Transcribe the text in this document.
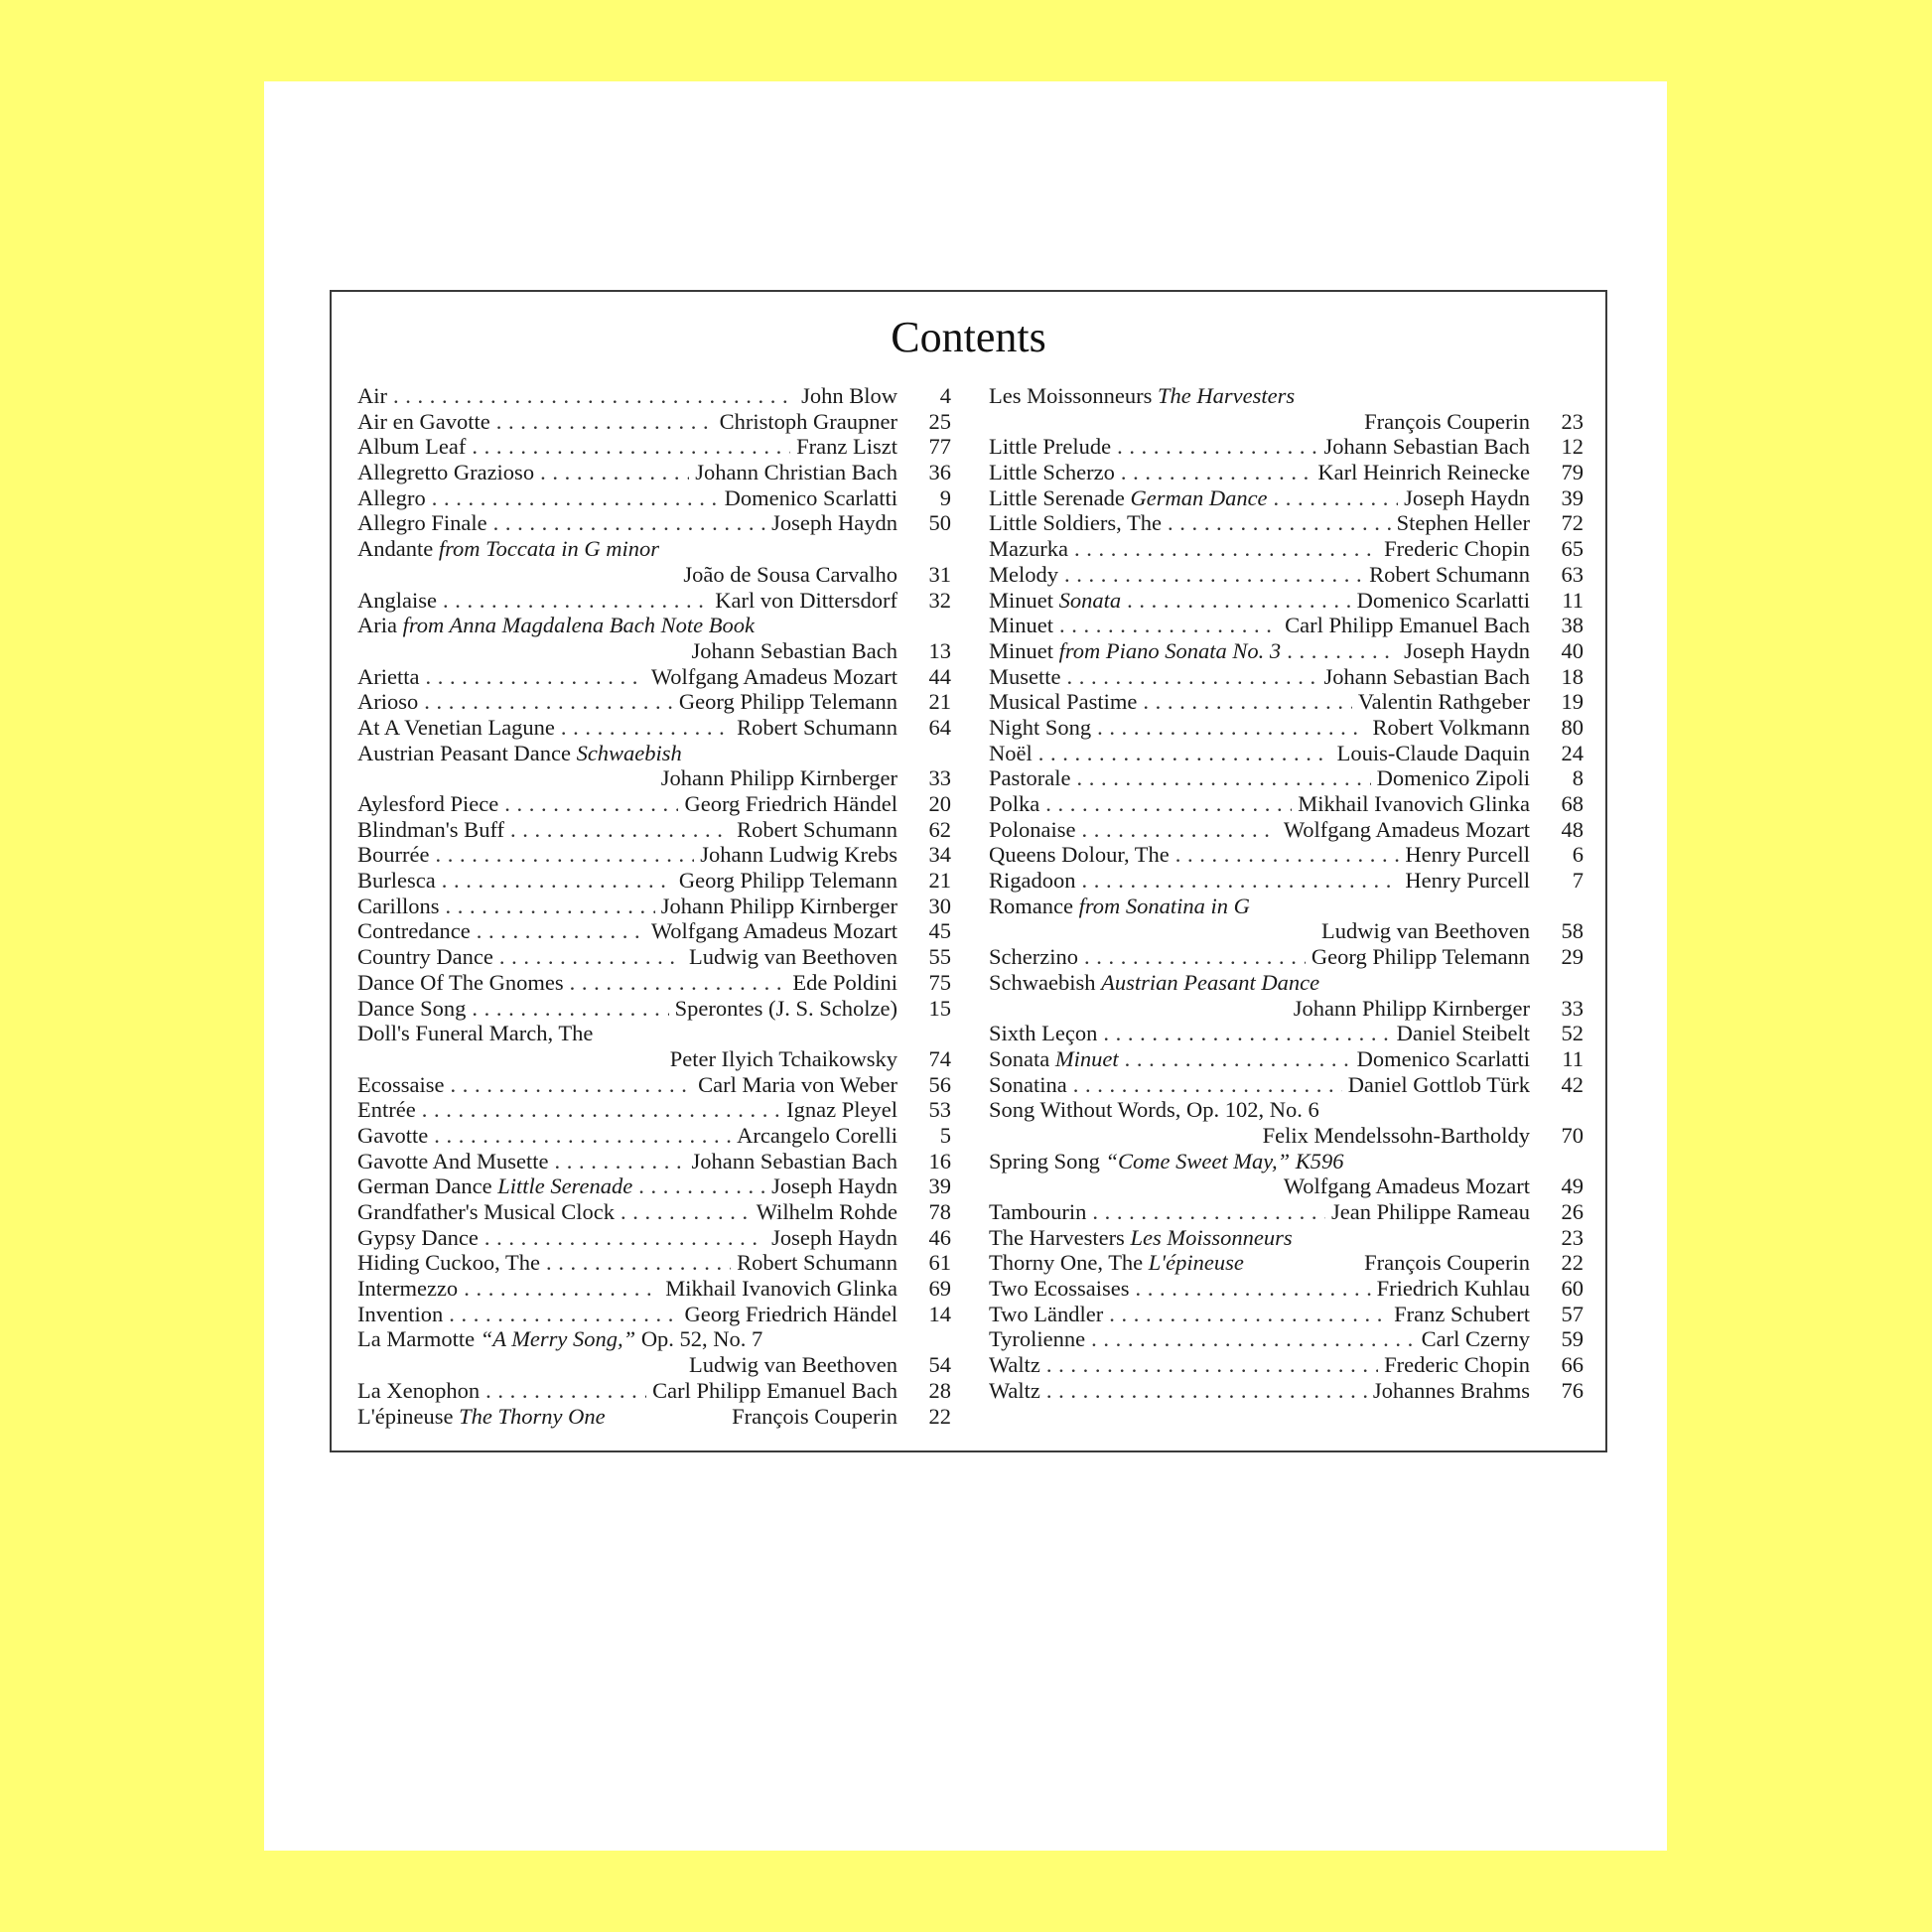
Contents
Air . . .	John Blow	4
Air en Gavotte . . .	Christoph Graupner	25
Album Leaf . . .	Franz Liszt	77
Allegretto Grazioso . . .	Johann Christian Bach	36
Allegro . . .	Domenico Scarlatti	9
Allegro Finale . . .	Joseph Haydn	50
Andante from Toccata in G minor
João de Sousa Carvalho	31
Anglaise . . .	Karl von Dittersdorf	32
Aria from Anna Magdalena Bach Note Book
Johann Sebastian Bach	13
Arietta . . .	Wolfgang Amadeus Mozart	44
Arioso . . .	Georg Philipp Telemann	21
At A Venetian Lagune . . .	Robert Schumann	64
Austrian Peasant Dance Schwaebish
Johann Philipp Kirnberger	33
Aylesford Piece . . .	Georg Friedrich Händel	20
Blindman's Buff . . .	Robert Schumann	62
Bourrée . . .	Johann Ludwig Krebs	34
Burlesca . . .	Georg Philipp Telemann	21
Carillons . . .	Johann Philipp Kirnberger	30
Contredance . . .	Wolfgang Amadeus Mozart	45
Country Dance . . .	Ludwig van Beethoven	55
Dance Of The Gnomes . . .	Ede Poldini	75
Dance Song . . .	Sperontes (J. S. Scholze)	15
Doll's Funeral March, The
Peter Ilyich Tchaikowsky	74
Ecossaise . . .	Carl Maria von Weber	56
Entrée . . .	Ignaz Pleyel	53
Gavotte . . .	Arcangelo Corelli	5
Gavotte And Musette . . .	Johann Sebastian Bach	16
German Dance Little Serenade . . .	Joseph Haydn	39
Grandfather's Musical Clock . . .	Wilhelm Rohde	78
Gypsy Dance . . .	Joseph Haydn	46
Hiding Cuckoo, The . . .	Robert Schumann	61
Intermezzo . . .	Mikhail Ivanovich Glinka	69
Invention . . .	Georg Friedrich Händel	14
La Marmotte “A Merry Song,” Op. 52, No. 7
Ludwig van Beethoven	54
La Xenophon . . .	Carl Philipp Emanuel Bach	28
L'épineuse The Thorny One	François Couperin	22
Les Moissonneurs The Harvesters
François Couperin	23
Little Prelude . . .	Johann Sebastian Bach	12
Little Scherzo . . .	Karl Heinrich Reinecke	79
Little Serenade German Dance . . .	Joseph Haydn	39
Little Soldiers, The . . .	Stephen Heller	72
Mazurka . . .	Frederic Chopin	65
Melody . . .	Robert Schumann	63
Minuet Sonata . . .	Domenico Scarlatti	11
Minuet . . .	Carl Philipp Emanuel Bach	38
Minuet from Piano Sonata No. 3 . . .	Joseph Haydn	40
Musette . . .	Johann Sebastian Bach	18
Musical Pastime . . .	Valentin Rathgeber	19
Night Song . . .	Robert Volkmann	80
Noël . . .	Louis-Claude Daquin	24
Pastorale . . .	Domenico Zipoli	8
Polka . . .	Mikhail Ivanovich Glinka	68
Polonaise . . .	Wolfgang Amadeus Mozart	48
Queens Dolour, The . . .	Henry Purcell	6
Rigadoon . . .	Henry Purcell	7
Romance from Sonatina in G
Ludwig van Beethoven	58
Scherzino . . .	Georg Philipp Telemann	29
Schwaebish Austrian Peasant Dance
Johann Philipp Kirnberger	33
Sixth Leçon . . .	Daniel Steibelt	52
Sonata Minuet . . .	Domenico Scarlatti	11
Sonatina . . .	Daniel Gottlob Türk	42
Song Without Words, Op. 102, No. 6
Felix Mendelssohn-Bartholdy	70
Spring Song “Come Sweet May,” K596
Wolfgang Amadeus Mozart	49
Tambourin . . .	Jean Philippe Rameau	26
The Harvesters Les Moissonneurs	23
Thorny One, The L'épineuse	François Couperin	22
Two Ecossaises . . .	Friedrich Kuhlau	60
Two Ländler . . .	Franz Schubert	57
Tyrolienne . . .	Carl Czerny	59
Waltz . . .	Frederic Chopin	66
Waltz . . .	Johannes Brahms	76
